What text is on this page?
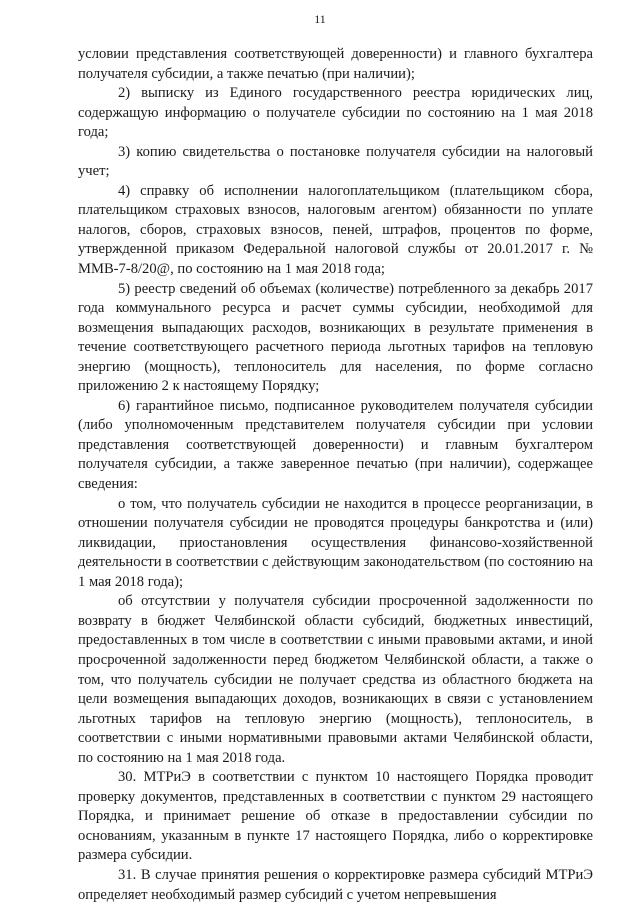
11

условии представления соответствующей доверенности) и главного бухгалтера получателя субсидии, а также печатью (при наличии);

2) выписку из Единого государственного реестра юридических лиц, содержащую информацию о получателе субсидии по состоянию на 1 мая 2018 года;

3) копию свидетельства о постановке получателя субсидии на налоговый учет;

4) справку об исполнении налогоплательщиком (плательщиком сбора, плательщиком страховых взносов, налоговым агентом) обязанности по уплате налогов, сборов, страховых взносов, пеней, штрафов, процентов по форме, утвержденной приказом Федеральной налоговой службы от 20.01.2017 г. № ММВ-7-8/20@, по состоянию на 1 мая 2018 года;

5) реестр сведений об объемах (количестве) потребленного за декабрь 2017 года коммунального ресурса и расчет суммы субсидии, необходимой для возмещения выпадающих расходов, возникающих в результате применения в течение соответствующего расчетного периода льготных тарифов на тепловую энергию (мощность), теплоноситель для населения, по форме согласно приложению 2 к настоящему Порядку;

6) гарантийное письмо, подписанное руководителем получателя субсидии (либо уполномоченным представителем получателя субсидии при условии представления соответствующей доверенности) и главным бухгалтером получателя субсидии, а также заверенное печатью (при наличии), содержащее сведения:

о том, что получатель субсидии не находится в процессе реорганизации, в отношении получателя субсидии не проводятся процедуры банкротства и (или) ликвидации, приостановления осуществления финансово-хозяйственной деятельности в соответствии с действующим законодательством (по состоянию на 1 мая 2018 года);

об отсутствии у получателя субсидии просроченной задолженности по возврату в бюджет Челябинской области субсидий, бюджетных инвестиций, предоставленных в том числе в соответствии с иными правовыми актами, и иной просроченной задолженности перед бюджетом Челябинской области, а также о том, что получатель субсидии не получает средства из областного бюджета на цели возмещения выпадающих доходов, возникающих в связи с установлением льготных тарифов на тепловую энергию (мощность), теплоноситель, в соответствии с иными нормативными правовыми актами Челябинской области, по состоянию на 1 мая 2018 года.

30. МТРиЭ в соответствии с пунктом 10 настоящего Порядка проводит проверку документов, представленных в соответствии с пунктом 29 настоящего Порядка, и принимает решение об отказе в предоставлении субсидии по основаниям, указанным в пункте 17 настоящего Порядка, либо о корректировке размера субсидии.

31. В случае принятия решения о корректировке размера субсидий МТРиЭ определяет необходимый размер субсидий с учетом непревышения
